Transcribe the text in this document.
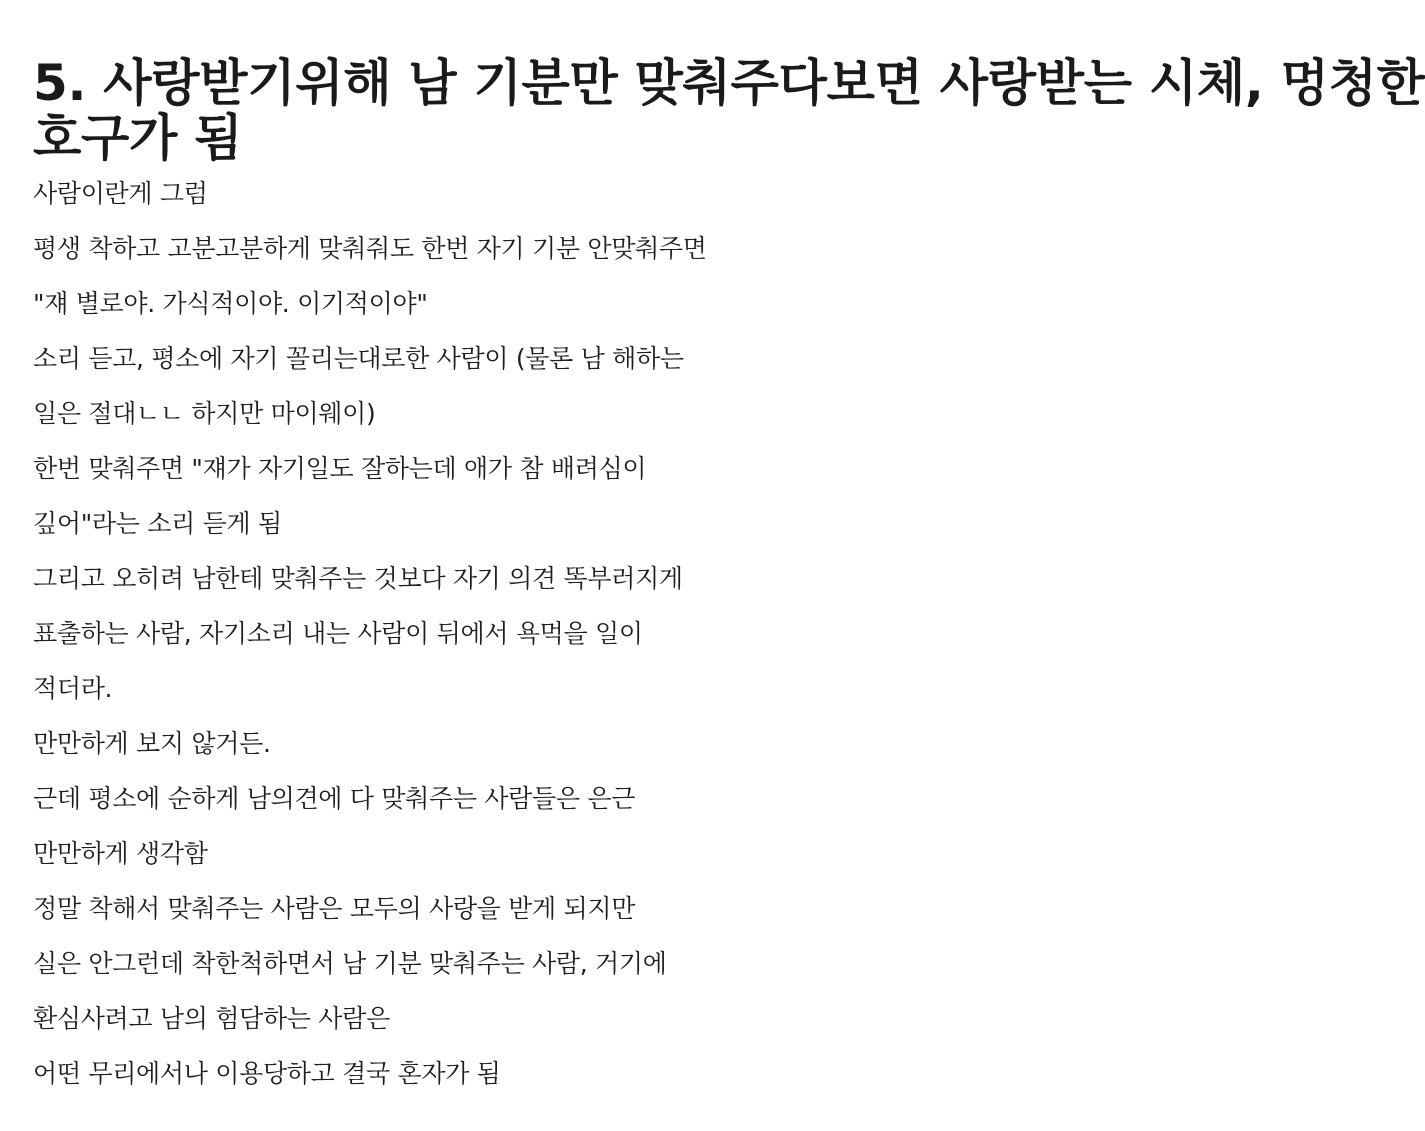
5. 사랑받기위해 남 기분만 맞춰주다보면 사랑받는 시체, 멍청한
호구가 됨

사람이란게 그럼

평생 착하고 고분고분하게 맞춰줘도 한번 자기 기분 안맞춰주면

"쟤 별로야. 가식적이야. 이기적이야"

소리 듣고, 평소에 자기 꼴리는대로한 사람이 (물론 남 해하는

일은 절대ㄴㄴ 하지만 마이웨이)

한번 맞춰주면 "쟤가 자기일도 잘하는데 애가 참 배려심이

깊어"라는 소리 듣게 됨

그리고 오히려 남한테 맞춰주는 것보다 자기 의견 똑부러지게

표출하는 사람, 자기소리 내는 사람이 뒤에서 욕먹을 일이

적더라.

만만하게 보지 않거든.

근데 평소에 순하게 남의견에 다 맞춰주는 사람들은 은근

만만하게 생각함

정말 착해서 맞춰주는 사람은 모두의 사랑을 받게 되지만

실은 안그런데 착한척하면서 남 기분 맞춰주는 사람, 거기에

환심사려고 남의 험담하는 사람은

어떤 무리에서나 이용당하고 결국 혼자가 됨
